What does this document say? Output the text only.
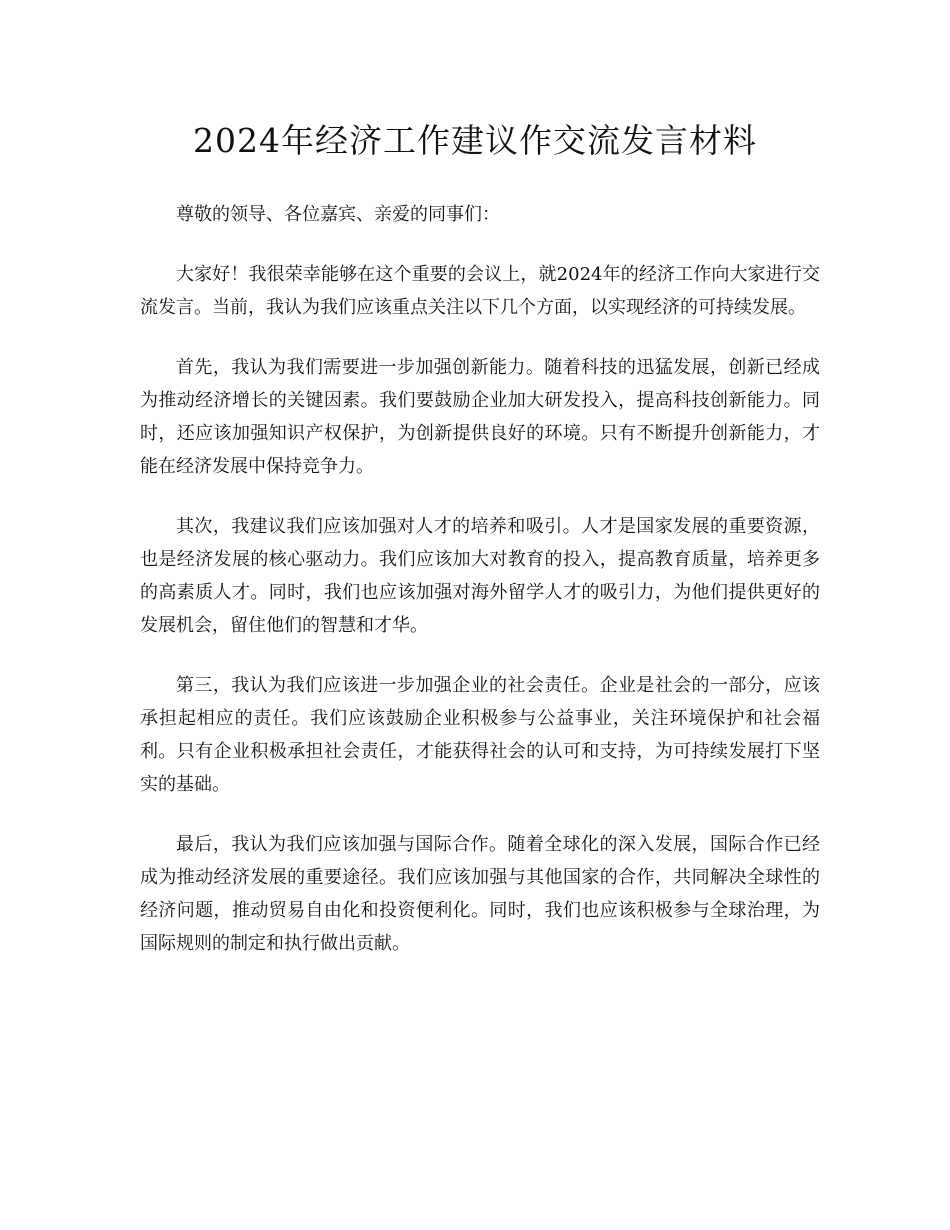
2024年经济工作建议作交流发言材料

尊敬的领导、各位嘉宾、亲爱的同事们：

大家好！我很荣幸能够在这个重要的会议上，就2024年的经济工作向大家进行交流发言。当前，我认为我们应该重点关注以下几个方面，以实现经济的可持续发展。

首先，我认为我们需要进一步加强创新能力。随着科技的迅猛发展，创新已经成为推动经济增长的关键因素。我们要鼓励企业加大研发投入，提高科技创新能力。同时，还应该加强知识产权保护，为创新提供良好的环境。只有不断提升创新能力，才能在经济发展中保持竞争力。

其次，我建议我们应该加强对人才的培养和吸引。人才是国家发展的重要资源，也是经济发展的核心驱动力。我们应该加大对教育的投入，提高教育质量，培养更多的高素质人才。同时，我们也应该加强对海外留学人才的吸引力，为他们提供更好的发展机会，留住他们的智慧和才华。

第三，我认为我们应该进一步加强企业的社会责任。企业是社会的一部分，应该承担起相应的责任。我们应该鼓励企业积极参与公益事业，关注环境保护和社会福利。只有企业积极承担社会责任，才能获得社会的认可和支持，为可持续发展打下坚实的基础。

最后，我认为我们应该加强与国际合作。随着全球化的深入发展，国际合作已经成为推动经济发展的重要途径。我们应该加强与其他国家的合作，共同解决全球性的经济问题，推动贸易自由化和投资便利化。同时，我们也应该积极参与全球治理，为国际规则的制定和执行做出贡献。
